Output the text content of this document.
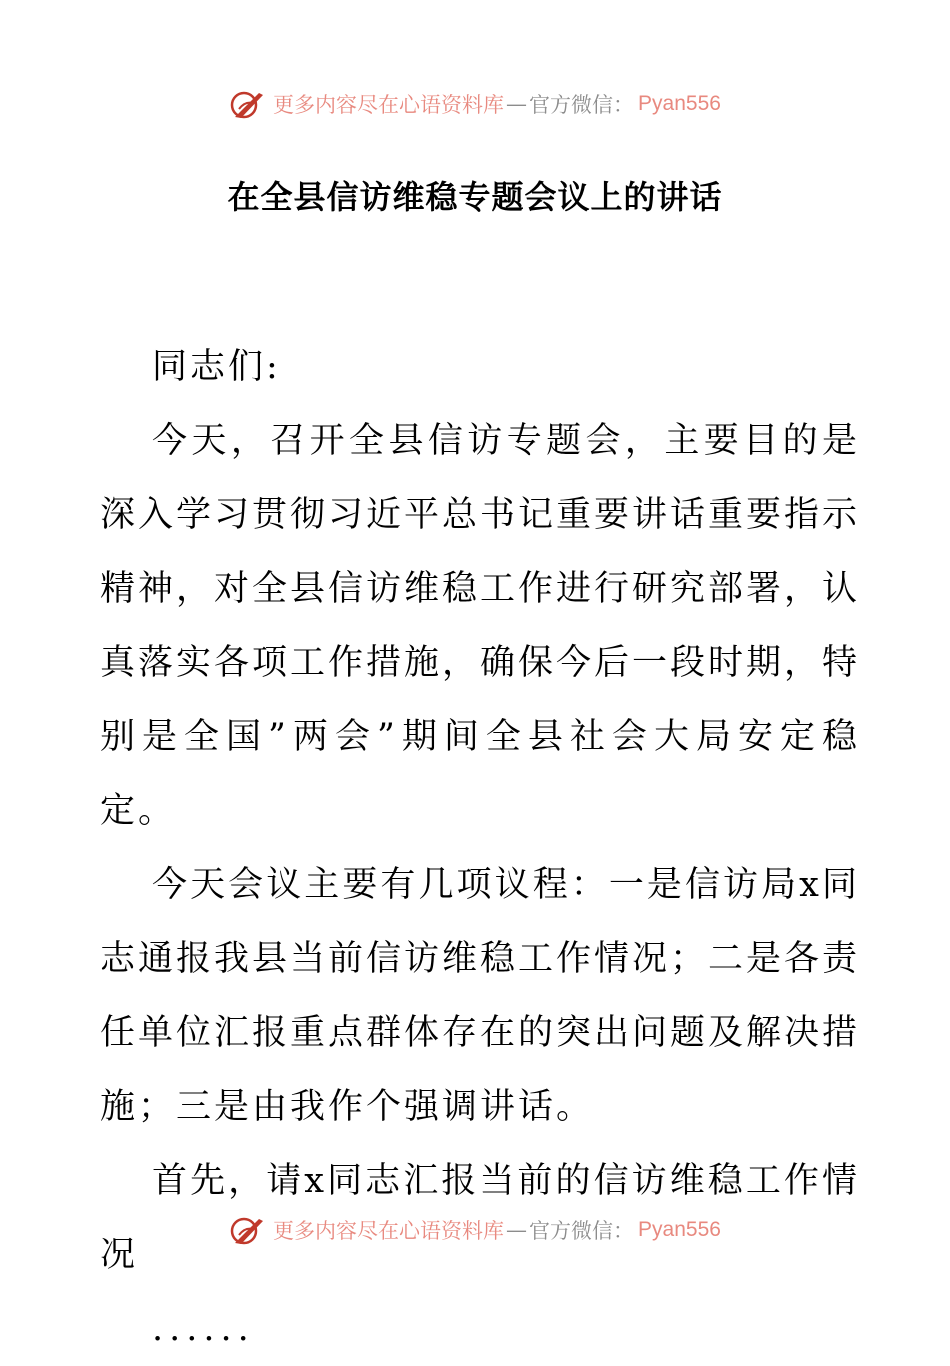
更多内容尽在心语资料库 — 官方微信： Pyan556
在全县信访维稳专题会议上的讲话

同志们:

今天，召开全县信访专题会，主要目的是深入学习贯彻习近平总书记重要讲话重要指示精神，对全县信访维稳工作进行研究部署，认真落实各项工作措施，确保今后一段时期，特别是全国”两会”期间全县社会大局安定稳定。

今天会议主要有几项议程：一是信访局x同志通报我县当前信访维稳工作情况；二是各责任单位汇报重点群体存在的突出问题及解决措施；三是由我作个强调讲话。

首先，请x同志汇报当前的信访维稳工作情况

......

更多内容尽在心语资料库 — 官方微信： Pyan556
